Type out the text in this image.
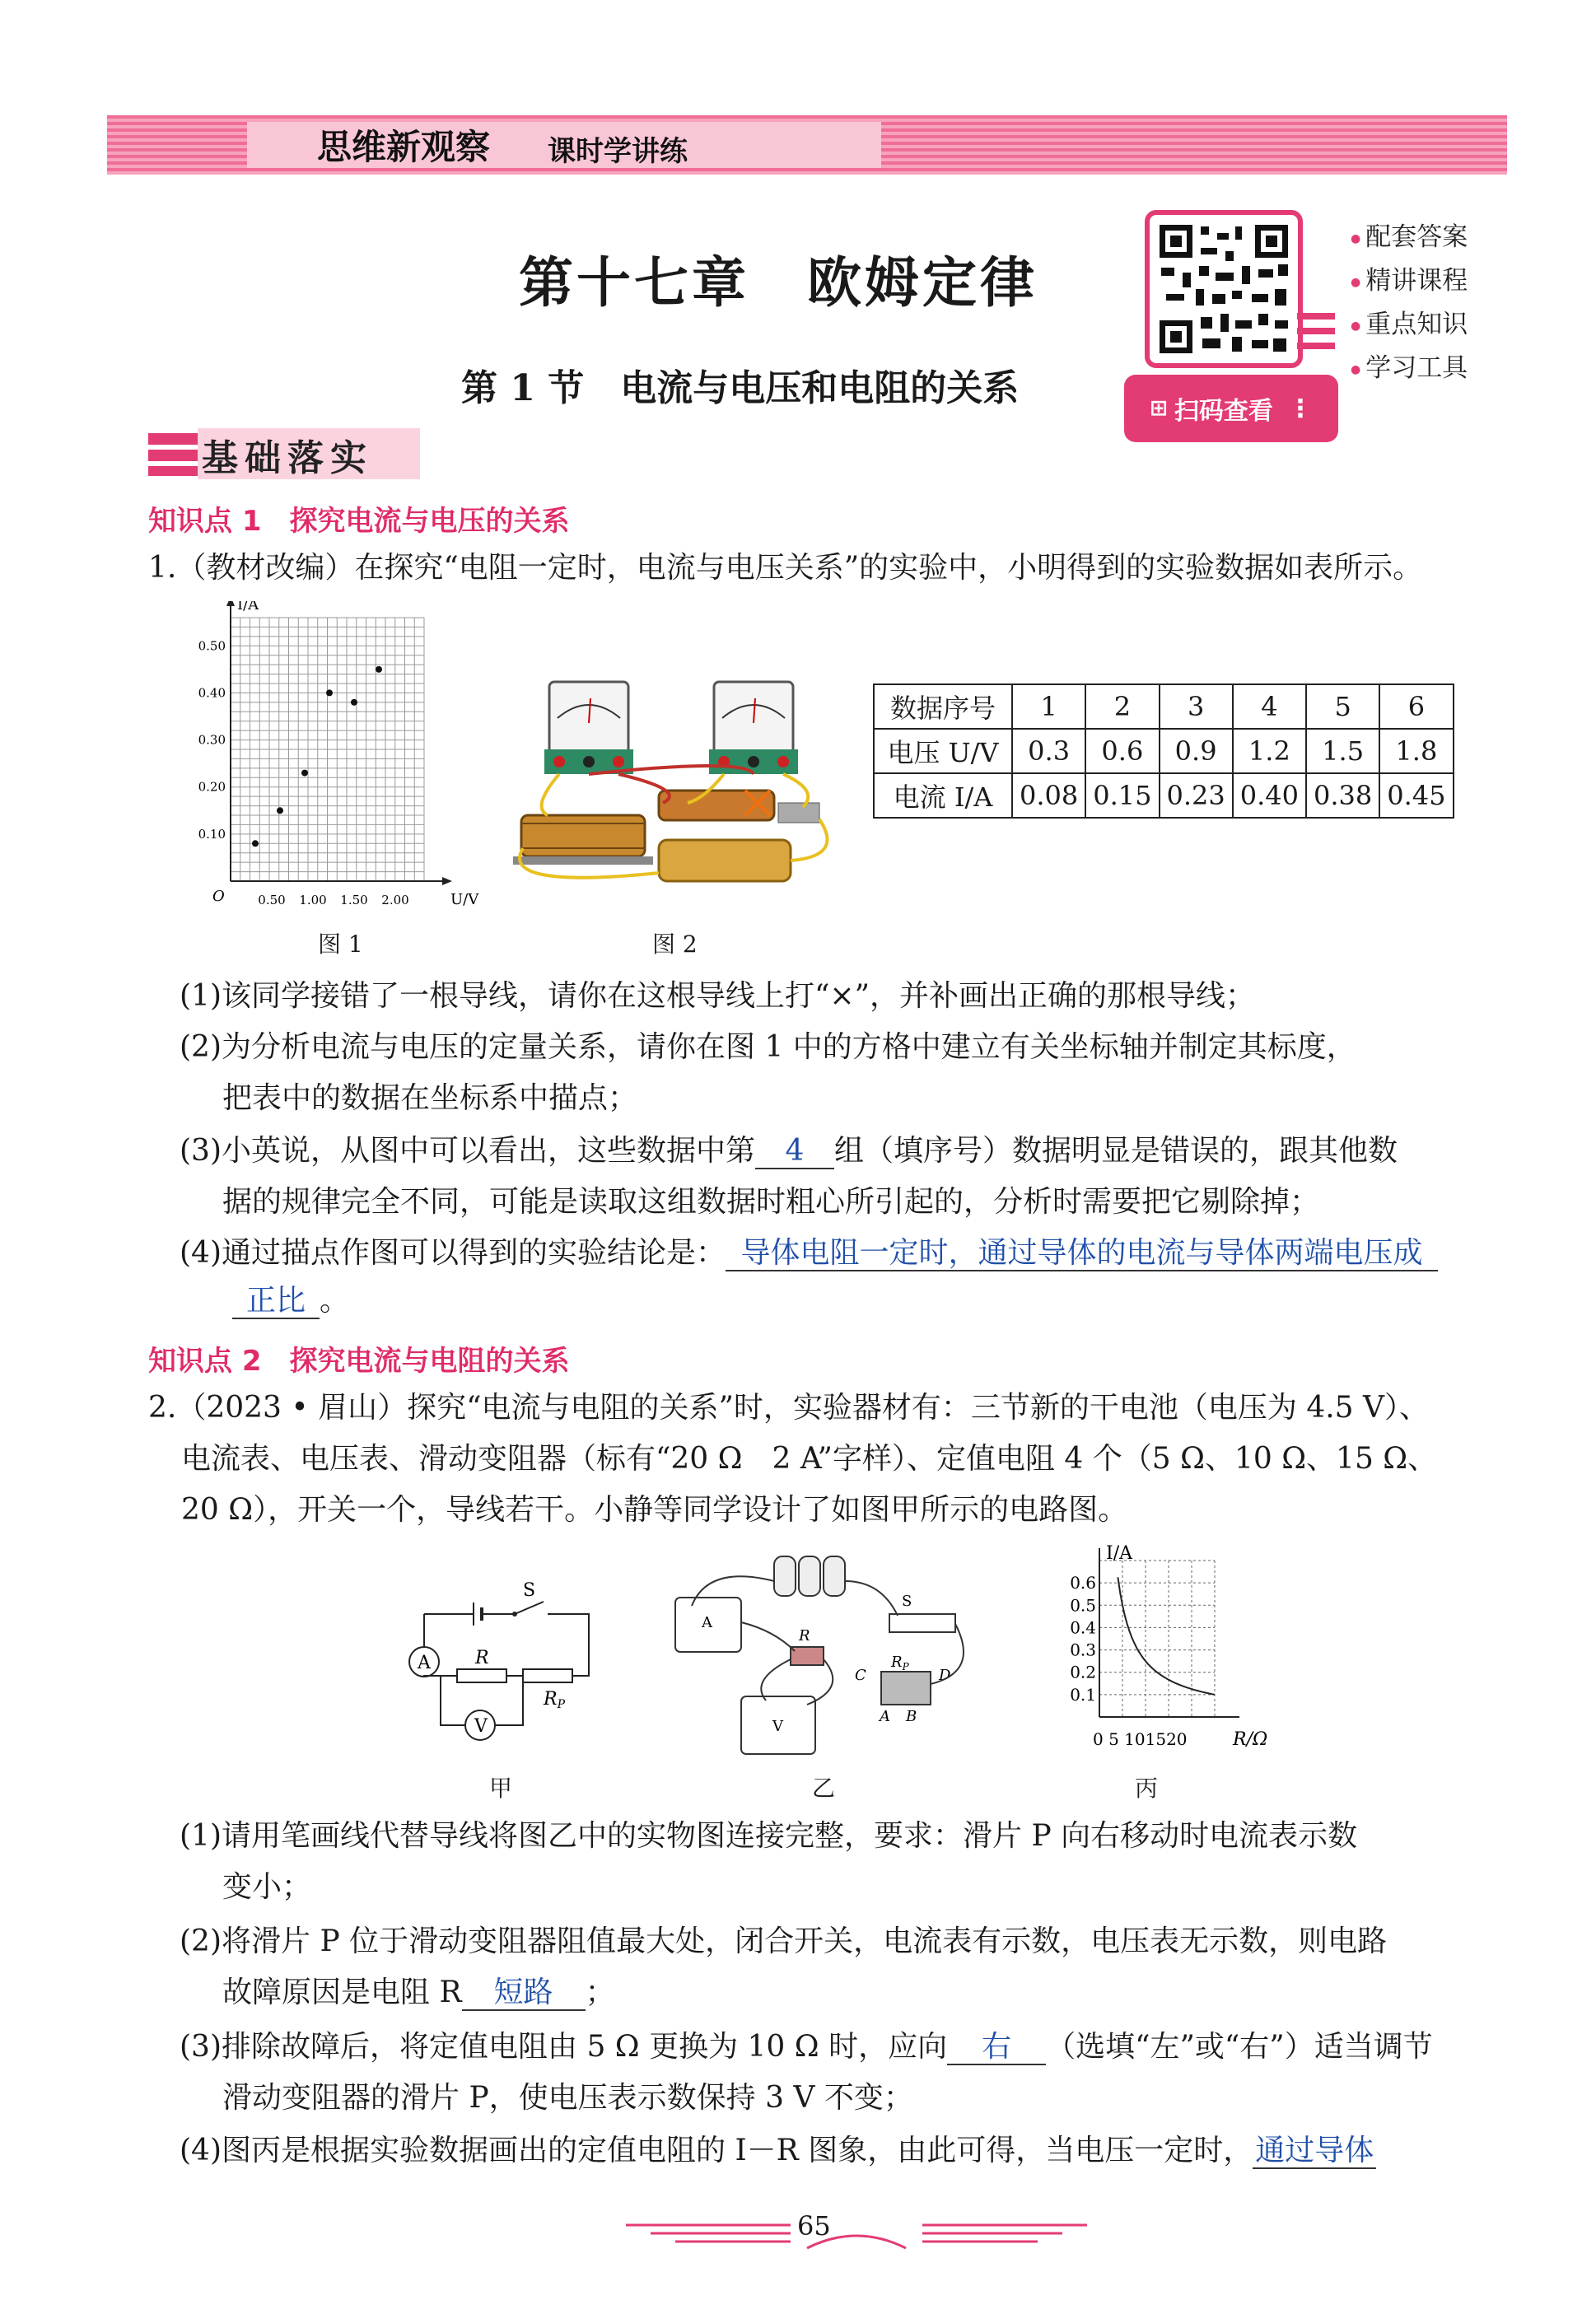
思维新观察 课时学讲练
第十七章　欧姆定律
第 1 节　电流与电压和电阻的关系
● 配套答案
● 精讲课程
● 重点知识
● 学习工具
⊞ 扫码查看 ⋮
基础落实
知识点 1　探究电流与电压的关系
1.（教材改编）在探究“电阻一定时，电流与电压关系”的实验中，小明得到的实验数据如表所示。
I/A
U/V
O
0.10
0.20
0.30
0.40
0.50
0.50 1.00 1.50 2.00
图 1	图 2
数据序号	1	2	3	4	5	6
电压 U/V	0.3	0.6	0.9	1.2	1.5	1.8
电流 I/A	0.08	0.15	0.23	0.40	0.38	0.45
(1)该同学接错了一根导线，请你在这根导线上打“×”，并补画出正确的那根导线；
(2)为分析电流与电压的定量关系，请你在图 1 中的方格中建立有关坐标轴并制定其标度，
把表中的数据在坐标系中描点；
(3)小英说，从图中可以看出，这些数据中第 4 组（填序号）数据明显是错误的，跟其他数
据的规律完全不同，可能是读取这组数据时粗心所引起的，分析时需要把它剔除掉；
(4)通过描点作图可以得到的实验结论是： 导体电阻一定时，通过导体的电流与导体两端电压成
正比 。
知识点 2　探究电流与电阻的关系
2.（2023 • 眉山）探究“电流与电阻的关系”时，实验器材有：三节新的干电池（电压为 4.5 V）、
电流表、电压表、滑动变阻器（标有“20 Ω　2 A”字样）、定值电阻 4 个（5 Ω、10 Ω、15 Ω、
20 Ω），开关一个，导线若干。小静等同学设计了如图甲所示的电路图。
S
A R
RP
V
甲
A
S
R
C	D
$R_P$
A B
V
乙
I/A
R/Ω
0.1
0.2
0.3
0.4
0.5
0.6
0 5 101520
丙
(1)请用笔画线代替导线将图乙中的实物图连接完整，要求：滑片 P 向右移动时电流表示数
变小；
(2)将滑片 P 位于滑动变阻器阻值最大处，闭合开关，电流表有示数，电压表无示数，则电路
故障原因是电阻 R 短路 ；
(3)排除故障后，将定值电阻由 5 Ω 更换为 10 Ω 时，应向 右 （选填“左”或“右”）适当调节
滑动变阻器的滑片 P，使电压表示数保持 3 V 不变；
(4)图丙是根据实验数据画出的定值电阻的 I－R 图象，由此可得，当电压一定时，通过导体
65
